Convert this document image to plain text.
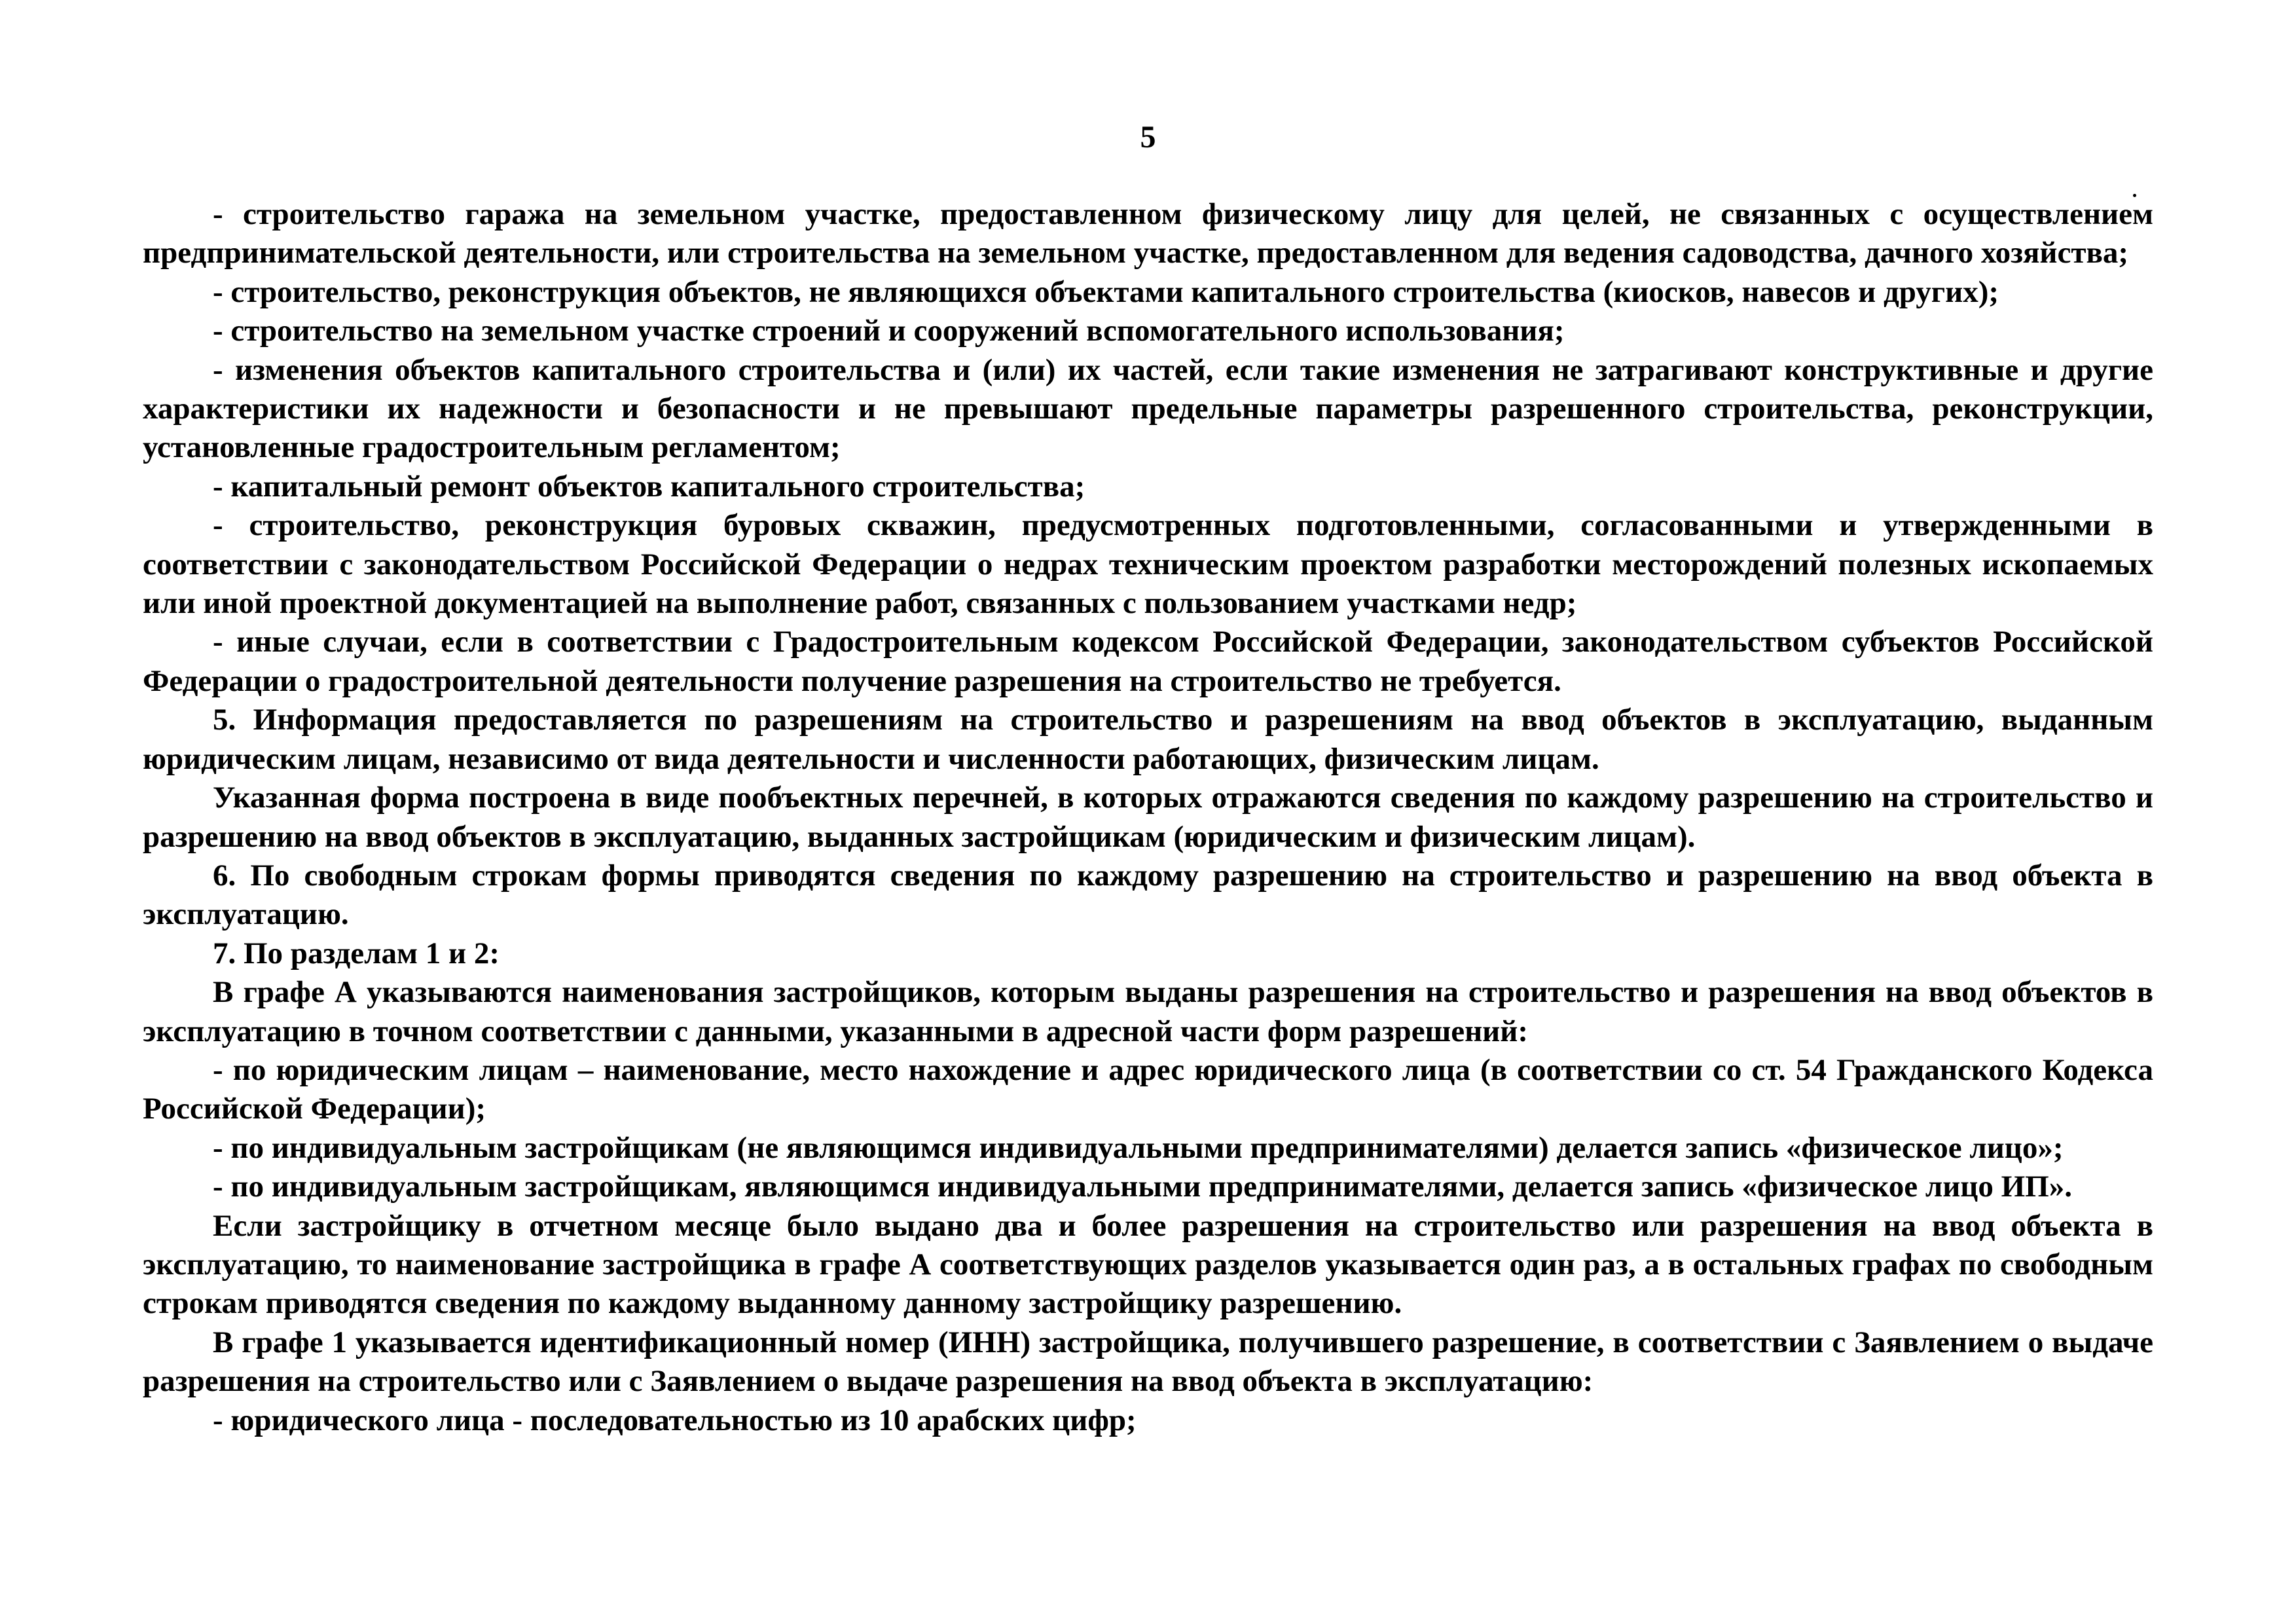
5

- строительство гаража на земельном участке, предоставленном физическому лицу для целей, не связанных с осуществлением предпринимательской деятельности, или строительства на земельном участке, предоставленном для ведения садоводства, дачного хозяйства;

- строительство, реконструкция объектов, не являющихся объектами капитального строительства (киосков, навесов и других);

- строительство на земельном участке строений и сооружений вспомогательного использования;

- изменения объектов капитального строительства и (или) их частей, если такие изменения не затрагивают конструктивные и другие характеристики их надежности и безопасности и не превышают предельные параметры разрешенного строительства, реконструкции, установленные градостроительным регламентом;

- капитальный ремонт объектов капитального строительства;

- строительство, реконструкция буровых скважин, предусмотренных подготовленными, согласованными и утвержденными в соответствии с законодательством Российской Федерации о недрах техническим проектом разработки месторождений полезных ископаемых или иной проектной документацией на выполнение работ, связанных с пользованием участками недр;

- иные случаи, если в соответствии с Градостроительным кодексом Российской Федерации, законодательством субъектов Российской Федерации о градостроительной деятельности получение разрешения на строительство не требуется.

5. Информация предоставляется по разрешениям на строительство и разрешениям на ввод объектов в эксплуатацию, выданным юридическим лицам, независимо от вида деятельности и численности работающих, физическим лицам.

Указанная форма построена в виде пообъектных перечней, в которых отражаются сведения по каждому разрешению на строительство и разрешению на ввод объектов в эксплуатацию, выданных застройщикам (юридическим и физическим лицам).

6. По свободным строкам формы приводятся сведения по каждому разрешению на строительство и разрешению на ввод объекта в эксплуатацию.

7. По разделам 1 и 2:

В графе А указываются наименования застройщиков, которым выданы разрешения на строительство и разрешения на ввод объектов в эксплуатацию в точном соответствии с данными, указанными в адресной части форм разрешений:

- по юридическим лицам – наименование, место нахождение и адрес юридического лица (в соответствии со ст. 54 Гражданского Кодекса Российской Федерации);

- по индивидуальным застройщикам (не являющимся индивидуальными предпринимателями) делается запись «физическое лицо»;

- по индивидуальным застройщикам, являющимся индивидуальными предпринимателями, делается запись «физическое лицо ИП».

Если застройщику в отчетном месяце было выдано два и более разрешения на строительство или разрешения на ввод объекта в эксплуатацию, то наименование застройщика в графе А соответствующих разделов указывается один раз, а в остальных графах по свободным строкам приводятся сведения по каждому выданному данному застройщику разрешению.

В графе 1 указывается идентификационный номер (ИНН) застройщика, получившего разрешение, в соответствии с Заявлением о выдаче разрешения на строительство или с Заявлением о выдаче разрешения на ввод объекта в эксплуатацию:

- юридического лица - последовательностью из 10 арабских цифр;
